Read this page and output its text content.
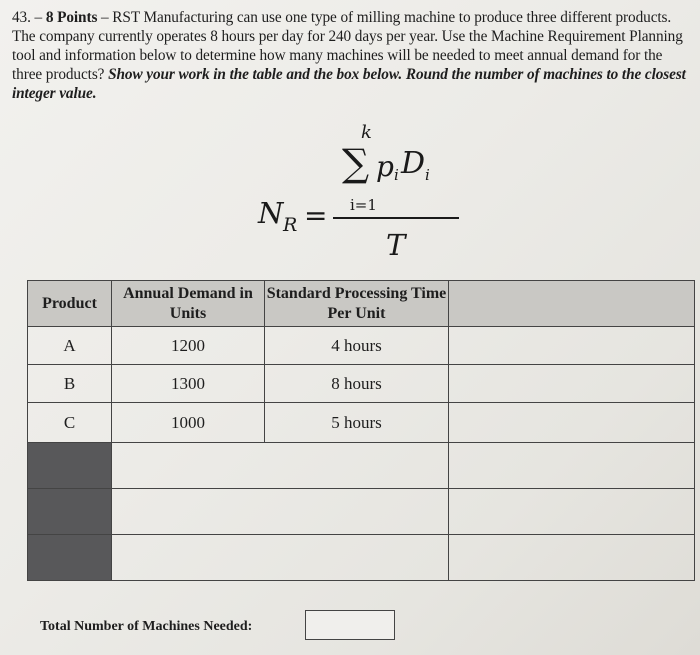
43. – 8 Points – RST Manufacturing can use one type of milling machine to produce three different products. The company currently operates 8 hours per day for 240 days per year. Use the Machine Requirement Planning tool and information below to determine how many machines will be needed to meet annual demand for the three products? Show your work in the table and the box below. Round the number of machines to the closest integer value.
N R =
k
∑ p i D i
i=1
T
Product	Annual Demand in Units	Standard Processing Time Per Unit	
A	1200	4 hours	
B	1300	8 hours	
C	1000	5 hours	

Total Number of Machines Needed:
